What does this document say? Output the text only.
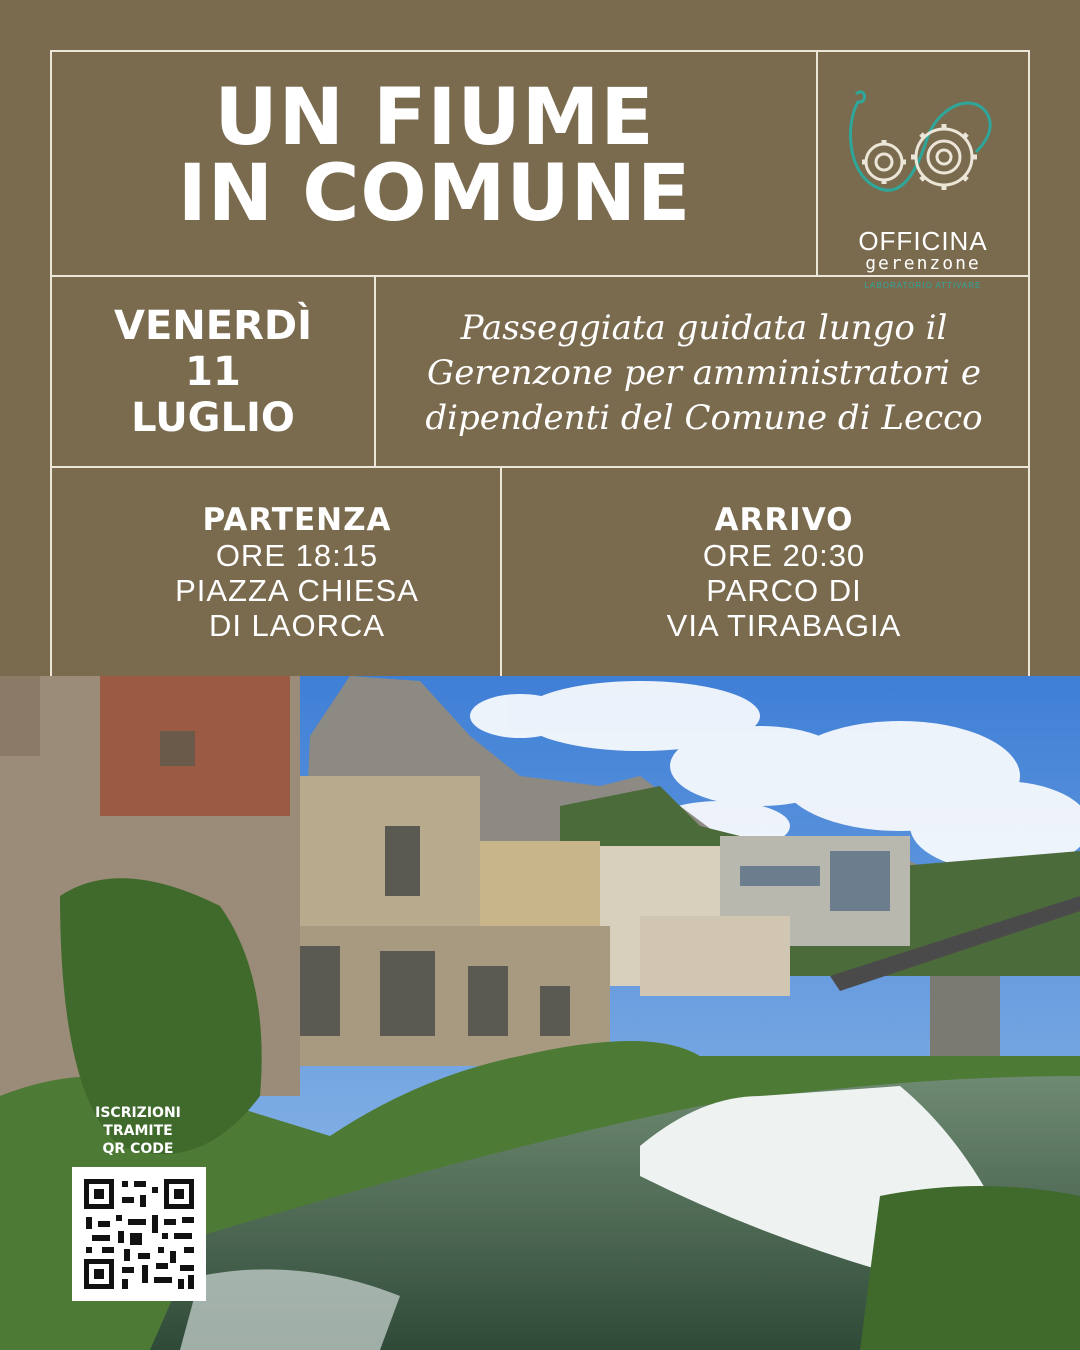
UN FIUME
IN COMUNE
OFFICINA
gerenzone
LABORATORIO ATTIVARE
VENERDÌ
11
LUGLIO
Passeggiata guidata lungo il
Gerenzone per amministratori e
dipendenti del Comune di Lecco
PARTENZA
ORE 18:15
PIAZZA CHIESA
DI LAORCA
ARRIVO
ORE 20:30
PARCO DI
VIA TIRABAGIA
ISCRIZIONI
TRAMITE
QR CODE
